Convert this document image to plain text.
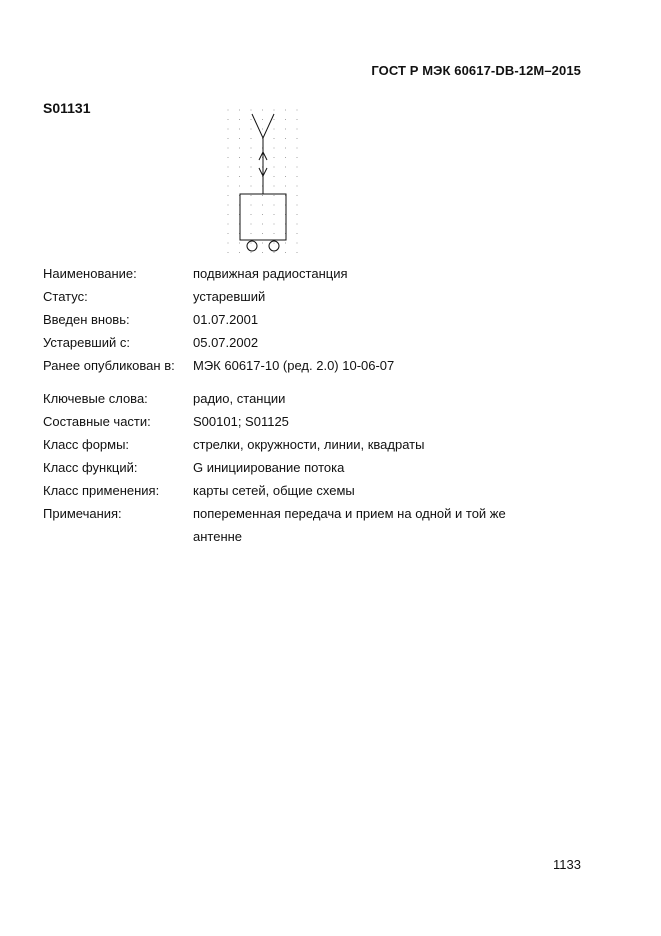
ГОСТ Р МЭК 60617-DB-12M–2015
S01131
Наименование:	подвижная радиостанция
Статус:	устаревший
Введен вновь:	01.07.2001
Устаревший с:	05.07.2002
Ранее опубликован в: МЭК 60617-10 (ред. 2.0) 10-06-07
Ключевые слова:	радио, станции
Составные части:	S00101; S01125
Класс формы:	стрелки, окружности, линии, квадраты
Класс функций:	G инициирование потока
Класс применения:	карты сетей, общие схемы
Примечания:	попеременная передача и прием на одной и той же
антенне
1133
